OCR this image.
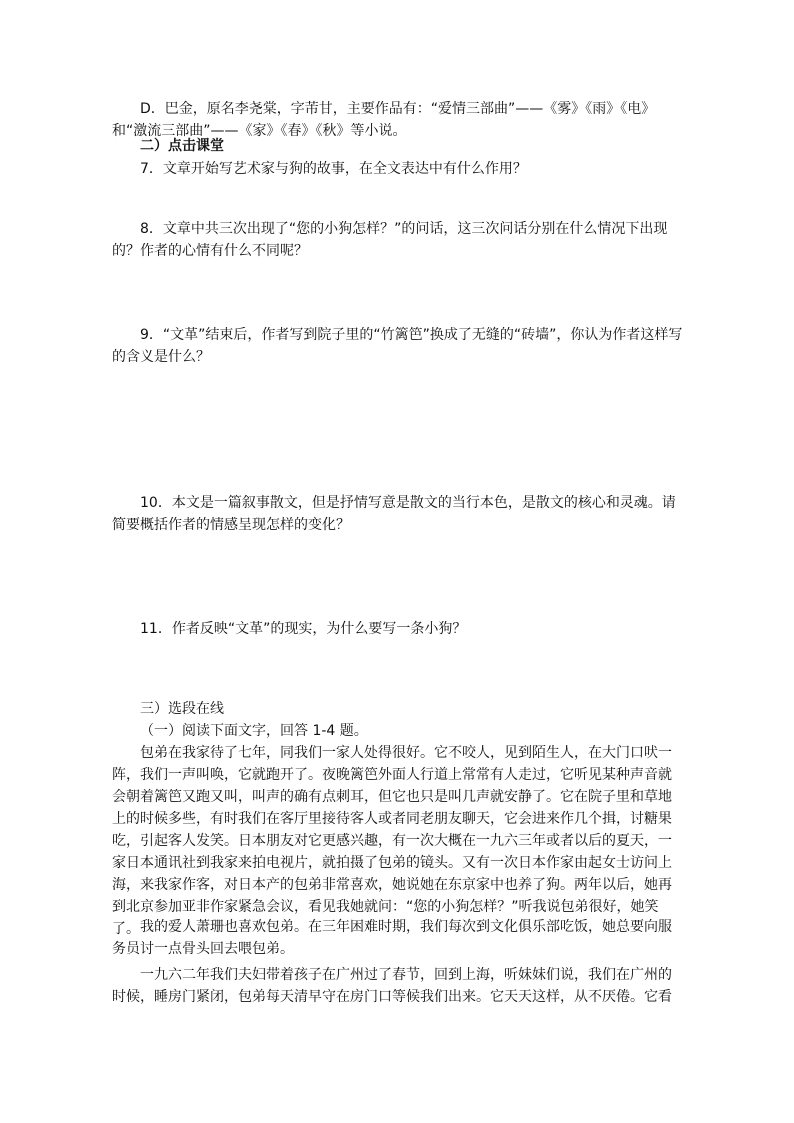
D．巴金，原名李尧棠，字芾甘，主要作品有：“爱情三部曲”——《雾》《雨》《电》和“激流三部曲”——《家》《春》《秋》等小说。

二）点击课堂

7．文章开始写艺术家与狗的故事，在全文表达中有什么作用？

8．文章中共三次出现了“您的小狗怎样？”的问话，这三次问话分别在什么情况下出现的？作者的心情有什么不同呢？

9．“文革”结束后，作者写到院子里的“竹篱笆”换成了无缝的“砖墙”，你认为作者这样写的含义是什么？

10．本文是一篇叙事散文，但是抒情写意是散文的当行本色，是散文的核心和灵魂。请简要概括作者的情感呈现怎样的变化？

11．作者反映“文革”的现实，为什么要写一条小狗？

三）选段在线

（一）阅读下面文字，回答 1-4 题。

包弟在我家待了七年，同我们一家人处得很好。它不咬人，见到陌生人，在大门口吠一阵，我们一声叫唤，它就跑开了。夜晚篱笆外面人行道上常常有人走过，它听见某种声音就会朝着篱笆又跑又叫，叫声的确有点刺耳，但它也只是叫几声就安静了。它在院子里和草地上的时候多些，有时我们在客厅里接待客人或者同老朋友聊天，它会进来作几个揖，讨糖果吃，引起客人发笑。日本朋友对它更感兴趣，有一次大概在一九六三年或者以后的夏天，一家日本通讯社到我家来拍电视片，就拍摄了包弟的镜头。又有一次日本作家由起女士访问上海，来我家作客，对日本产的包弟非常喜欢，她说她在东京家中也养了狗。两年以后，她再到北京参加亚非作家紧急会议，看见我她就问：“您的小狗怎样？”听我说包弟很好，她笑了。 我的爱人萧珊也喜欢包弟。在三年困难时期，我们每次到文化俱乐部吃饭，她总要向服务员讨一点骨头回去喂包弟。

一九六二年我们夫妇带着孩子在广州过了春节，回到上海，听妹妹们说，我们在广州的时候，睡房门紧闭，包弟每天清早守在房门口等候我们出来。它天天这样，从不厌倦。它看
